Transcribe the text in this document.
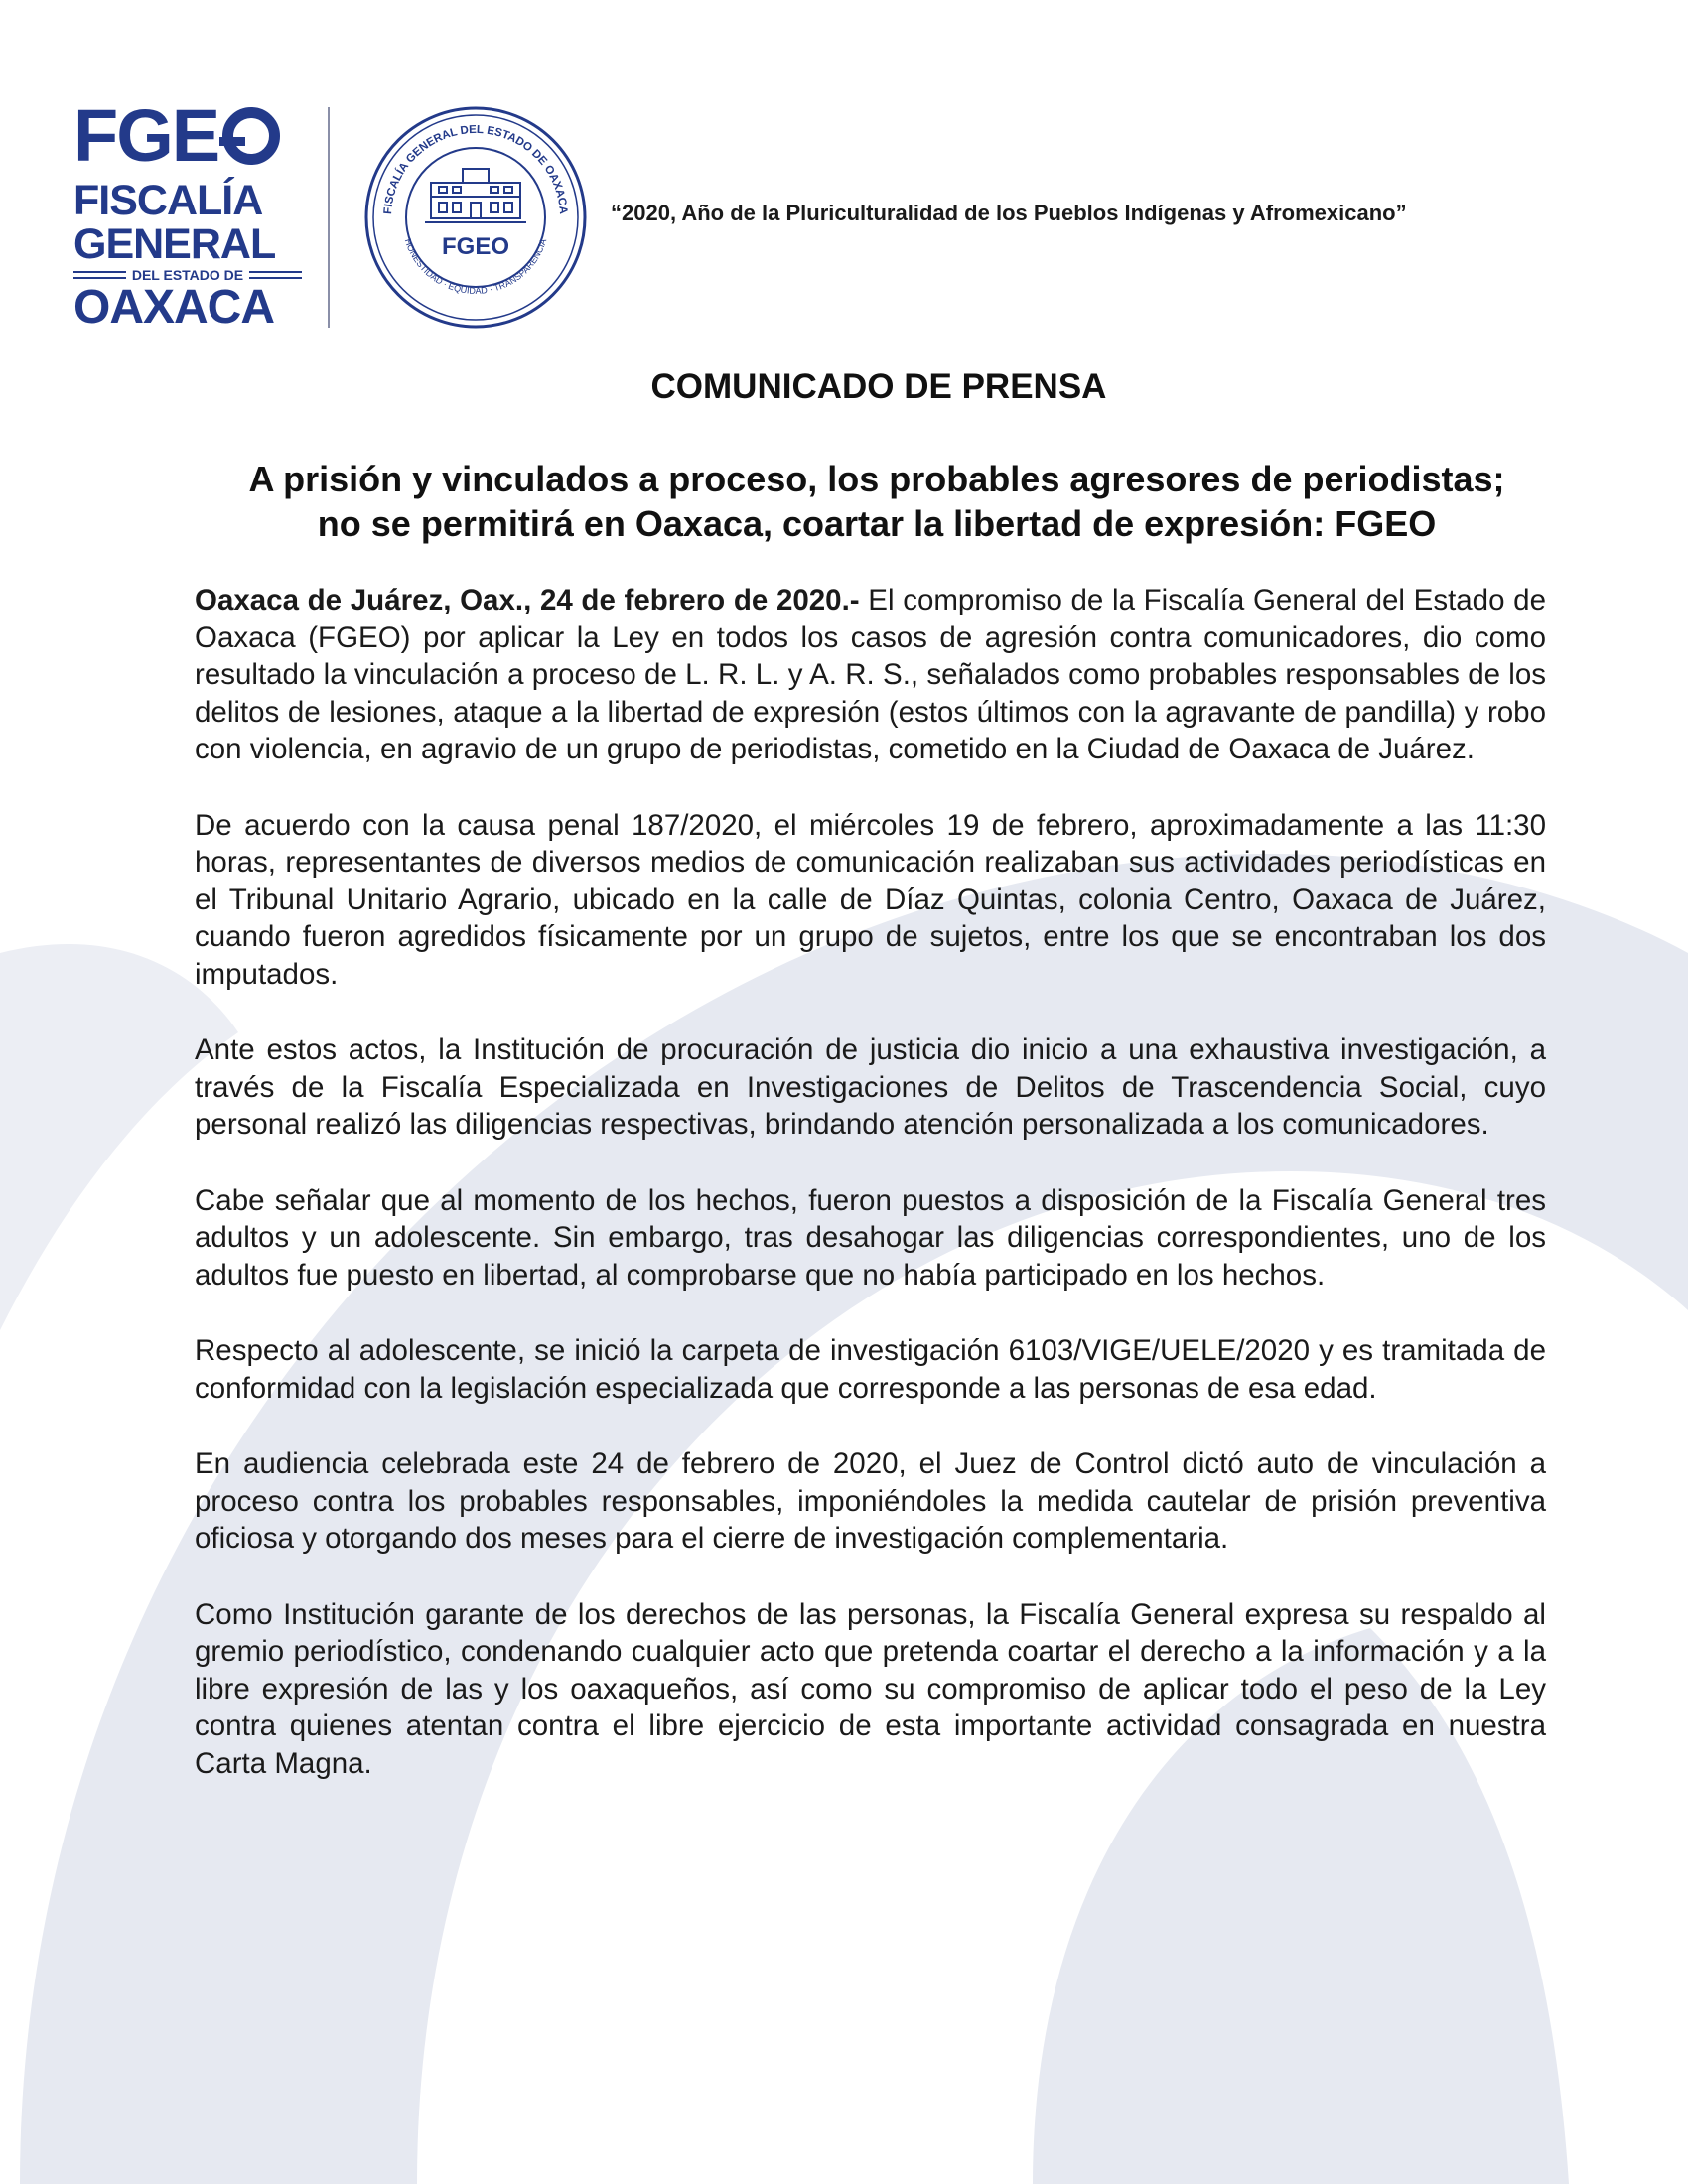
FGE
FISCALÍA
GENERAL
DEL ESTADO DE
OAXACA
FISCALÍA GENERAL DEL ESTADO DE OAXACA
HONESTIDAD · EQUIDAD · TRANSPARENCIA
FGEO
“2020, Año de la Pluriculturalidad de los Pueblos Indígenas y Afromexicano”
COMUNICADO DE PRENSA
A prisión y vinculados a proceso, los probables agresores de periodistas;
no se permitirá en Oaxaca, coartar la libertad de expresión: FGEO

Oaxaca de Juárez, Oax., 24 de febrero de 2020.- El compromiso de la Fiscalía General del Estado de Oaxaca (FGEO) por aplicar la Ley en todos los casos de agresión contra comunicadores, dio como resultado la vinculación a proceso de L. R. L. y A. R. S., señalados como probables responsables de los delitos de lesiones, ataque a la libertad de expresión (estos últimos con la agravante de pandilla) y robo con violencia, en agravio de un grupo de periodistas, cometido en la Ciudad de Oaxaca de Juárez.

De acuerdo con la causa penal 187/2020, el miércoles 19 de febrero, aproximadamente a las 11:30 horas, representantes de diversos medios de comunicación realizaban sus actividades periodísticas en el Tribunal Unitario Agrario, ubicado en la calle de Díaz Quintas, colonia Centro, Oaxaca de Juárez, cuando fueron agredidos físicamente por un grupo de sujetos, entre los que se encontraban los dos imputados.

Ante estos actos, la Institución de procuración de justicia dio inicio a una exhaustiva investigación, a través de la Fiscalía Especializada en Investigaciones de Delitos de Trascendencia Social, cuyo personal realizó las diligencias respectivas, brindando atención personalizada a los comunicadores.

Cabe señalar que al momento de los hechos, fueron puestos a disposición de la Fiscalía General tres adultos y un adolescente. Sin embargo, tras desahogar las diligencias correspondientes, uno de los adultos fue puesto en libertad, al comprobarse que no había participado en los hechos.

Respecto al adolescente, se inició la carpeta de investigación 6103/VIGE/UELE/2020 y es tramitada de conformidad con la legislación especializada que corresponde a las personas de esa edad.

En audiencia celebrada este 24 de febrero de 2020, el Juez de Control dictó auto de vinculación a proceso contra los probables responsables, imponiéndoles la medida cautelar de prisión preventiva oficiosa y otorgando dos meses para el cierre de investigación complementaria.

Como Institución garante de los derechos de las personas, la Fiscalía General expresa su respaldo al gremio periodístico, condenando cualquier acto que pretenda coartar el derecho a la información y a la libre expresión de las y los oaxaqueños, así como su compromiso de aplicar todo el peso de la Ley contra quienes atentan contra el libre ejercicio de esta importante actividad consagrada en nuestra Carta Magna.
